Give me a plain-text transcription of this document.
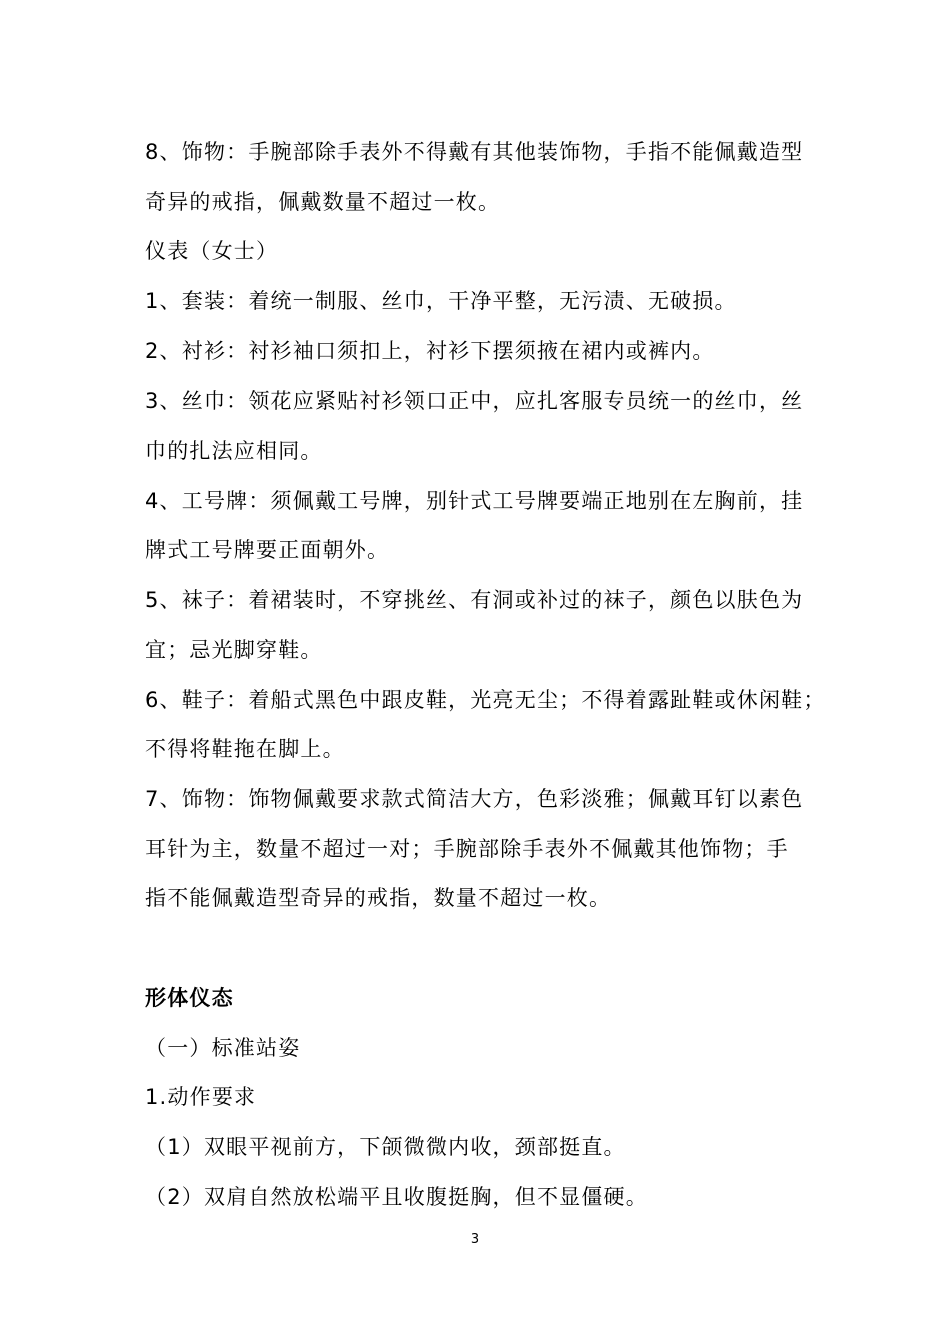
8、饰物：手腕部除手表外不得戴有其他装饰物，手指不能佩戴造型
奇异的戒指，佩戴数量不超过一枚。
仪表（女士）
1、套装：着统一制服、丝巾，干净平整，无污渍、无破损。
2、衬衫：衬衫袖口须扣上，衬衫下摆须掖在裙内或裤内。
3、丝巾：领花应紧贴衬衫领口正中，应扎客服专员统一的丝巾，丝
巾的扎法应相同。
4、工号牌：须佩戴工号牌，别针式工号牌要端正地别在左胸前，挂
牌式工号牌要正面朝外。
5、袜子：着裙装时，不穿挑丝、有洞或补过的袜子，颜色以肤色为
宜；忌光脚穿鞋。
6、鞋子：着船式黑色中跟皮鞋，光亮无尘；不得着露趾鞋或休闲鞋；
不得将鞋拖在脚上。
7、饰物：饰物佩戴要求款式简洁大方，色彩淡雅；佩戴耳钉以素色
耳针为主，数量不超过一对；手腕部除手表外不佩戴其他饰物；手
指不能佩戴造型奇异的戒指，数量不超过一枚。
形体仪态
（一）标准站姿
1.动作要求
（1）双眼平视前方，下颌微微内收，颈部挺直。
（2）双肩自然放松端平且收腹挺胸，但不显僵硬。
3
